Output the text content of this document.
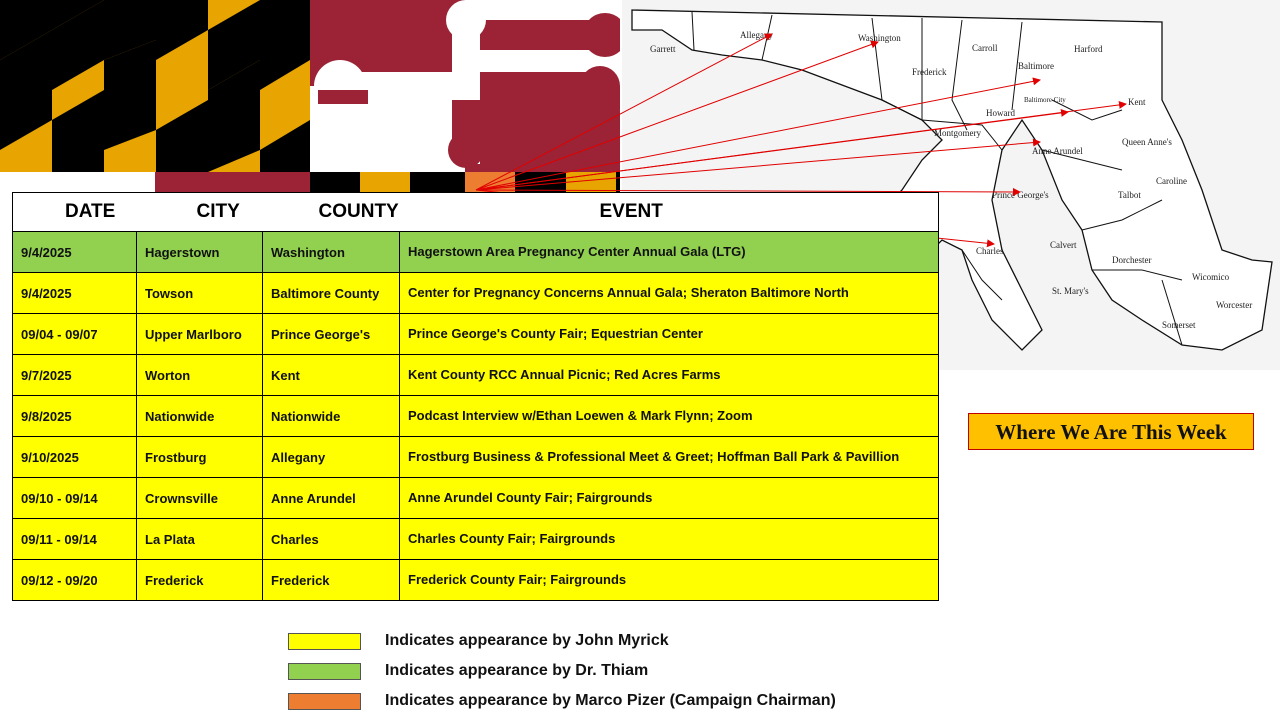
Garrett
Allegany	Washington
Frederick
Carroll
Baltimore
Harford
Howard
Baltimore City
Montgomery
Kent
Queen Anne's
Anne Arundel
Prince George's
Caroline
Talbot
Calvert
Charles
Dorchester
St. Mary's
Wicomico
Somerset
Worcester
DATE	CITY	COUNTY	EVENT
9/4/2025	Hagerstown	Washington	Hagerstown Area Pregnancy Center Annual Gala (LTG)
9/4/2025	Towson	Baltimore County	Center for Pregnancy Concerns Annual Gala; Sheraton Baltimore North
09/04 - 09/07	Upper Marlboro	Prince George's	Prince George's County Fair; Equestrian Center
9/7/2025	Worton	Kent	Kent County RCC Annual Picnic; Red Acres Farms
9/8/2025	Nationwide	Nationwide	Podcast Interview w/Ethan Loewen & Mark Flynn; Zoom
9/10/2025	Frostburg	Allegany	Frostburg Business & Professional Meet & Greet; Hoffman Ball Park & Pavillion
09/10 - 09/14	Crownsville	Anne Arundel	Anne Arundel County Fair; Fairgrounds
09/11 - 09/14	La Plata	Charles	Charles County Fair; Fairgrounds
09/12 - 09/20	Frederick	Frederick	Frederick County Fair; Fairgrounds
Where We Are This Week
Indicates appearance by John Myrick
Indicates appearance by Dr. Thiam
Indicates appearance by Marco Pizer (Campaign Chairman)
